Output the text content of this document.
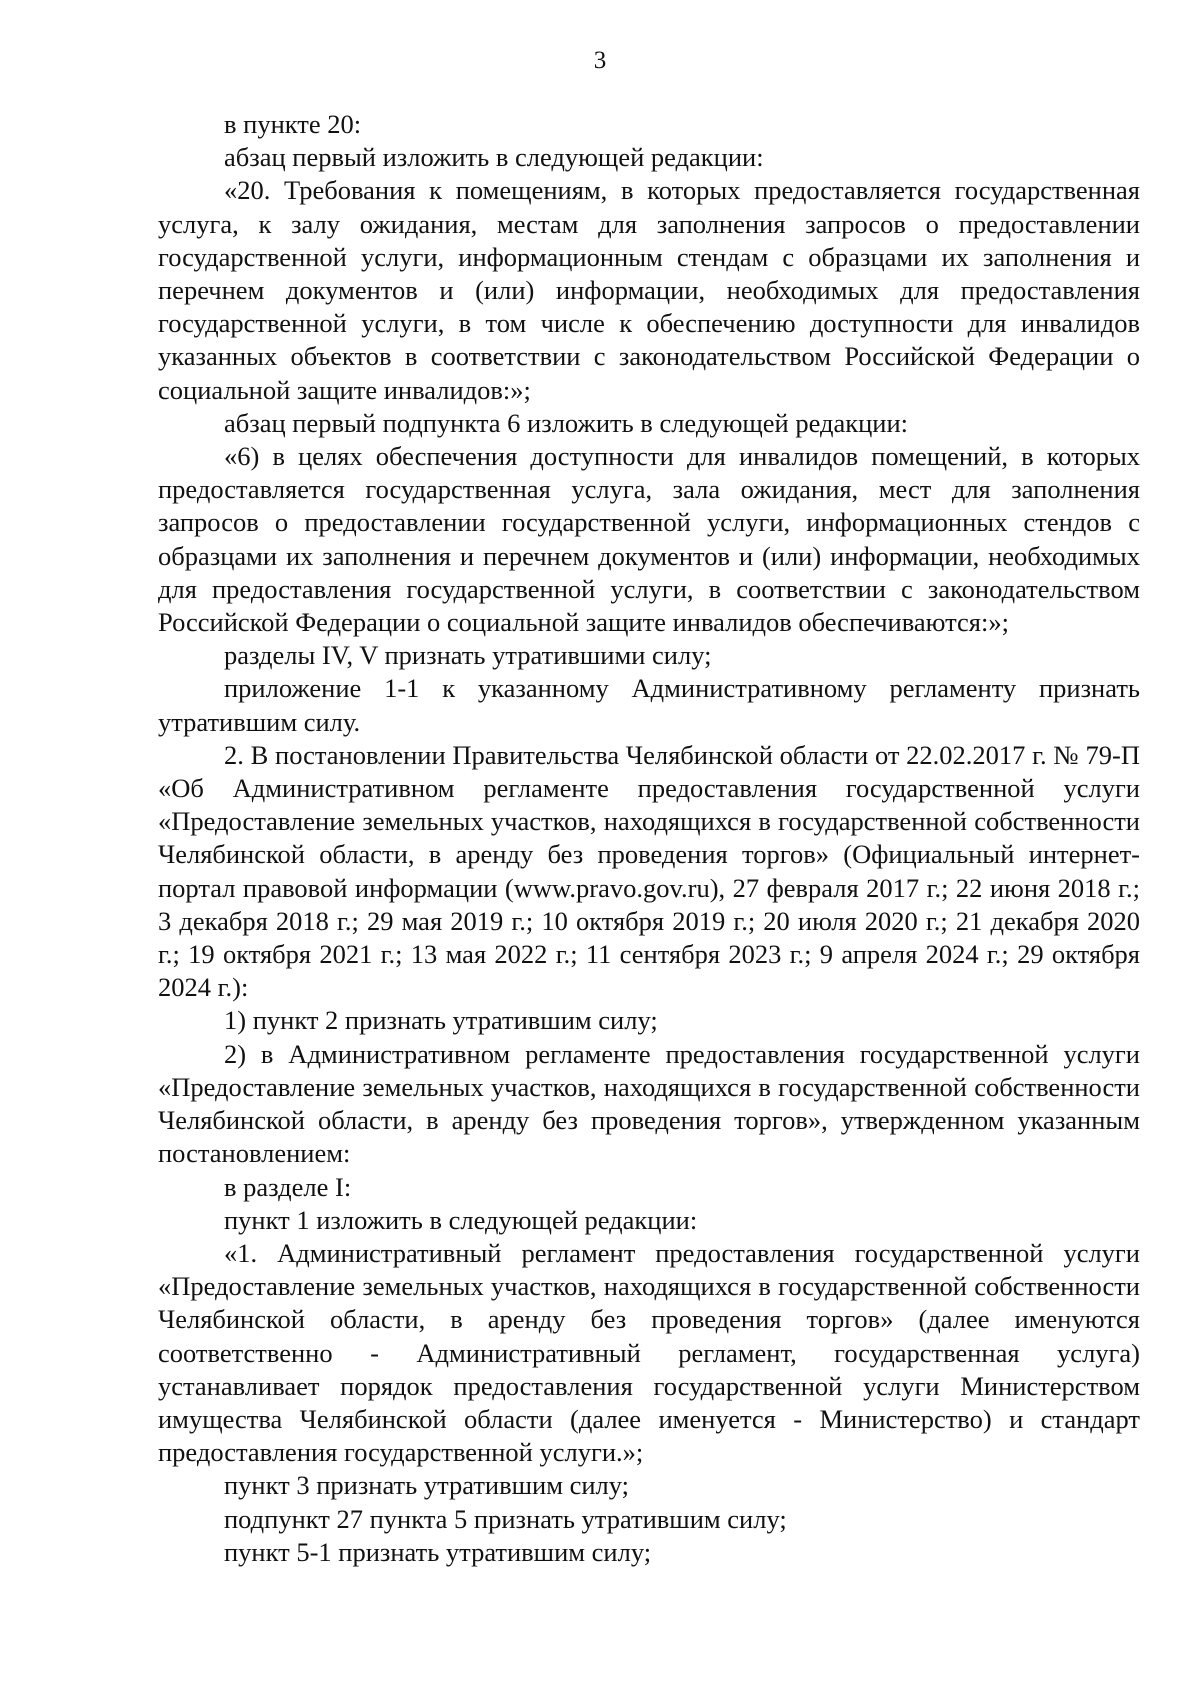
3

в пункте 20:

абзац первый изложить в следующей редакции:

«20. Требования к помещениям, в которых предоставляется государственная услуга, к залу ожидания, местам для заполнения запросов о предоставлении государственной услуги, информационным стендам с образцами их заполнения и перечнем документов и (или) информации, необходимых для предоставления государственной услуги, в том числе к обеспечению доступности для инвалидов указанных объектов в соответствии с законодательством Российской Федерации о социальной защите инвалидов:»;

абзац первый подпункта 6 изложить в следующей редакции:

«6) в целях обеспечения доступности для инвалидов помещений, в которых предоставляется государственная услуга, зала ожидания, мест для заполнения запросов о предоставлении государственной услуги, информационных стендов с образцами их заполнения и перечнем документов и (или) информации, необходимых для предоставления государственной услуги, в соответствии с законодательством Российской Федерации о социальной защите инвалидов обеспечиваются:»;

разделы IV, V признать утратившими силу;

приложение 1-1 к указанному Административному регламенту признать утратившим силу.

2. В постановлении Правительства Челябинской области от 22.02.2017 г. № 79-П «Об Административном регламенте предоставления государственной услуги «Предоставление земельных участков, находящихся в государственной собственности Челябинской области, в аренду без проведения торгов» (Официальный интернет-портал правовой информации (www.pravo.gov.ru), 27 февраля 2017 г.; 22 июня 2018 г.; 3 декабря 2018 г.; 29 мая 2019 г.; 10 октября 2019 г.; 20 июля 2020 г.; 21 декабря 2020 г.; 19 октября 2021 г.; 13 мая 2022 г.; 11 сентября 2023 г.; 9 апреля 2024 г.; 29 октября 2024 г.):

1) пункт 2 признать утратившим силу;

2) в Административном регламенте предоставления государственной услуги «Предоставление земельных участков, находящихся в государственной собственности Челябинской области, в аренду без проведения торгов», утвержденном указанным постановлением:

в разделе I:

пункт 1 изложить в следующей редакции:

«1. Административный регламент предоставления государственной услуги «Предоставление земельных участков, находящихся в государственной собственности Челябинской области, в аренду без проведения торгов» (далее именуются соответственно - Административный регламент, государственная услуга) устанавливает порядок предоставления государственной услуги Министерством имущества Челябинской области (далее именуется - Министерство) и стандарт предоставления государственной услуги.»;

пункт 3 признать утратившим силу;

подпункт 27 пункта 5 признать утратившим силу;

пункт 5-1 признать утратившим силу;
